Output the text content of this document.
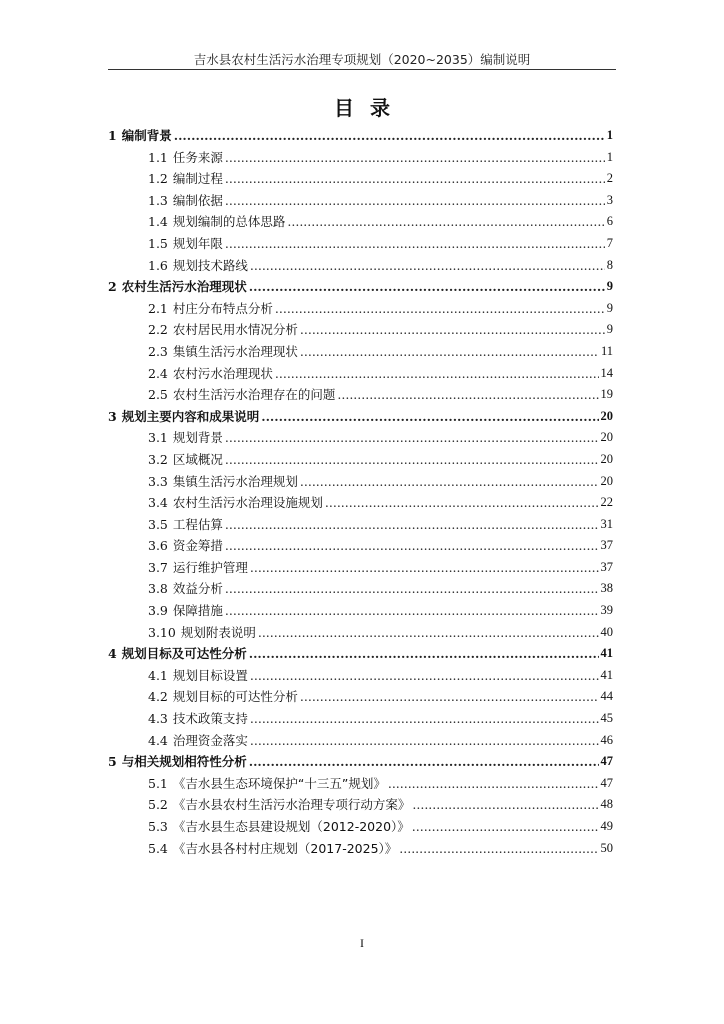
吉水县农村生活污水治理专项规划（2020~2035）编制说明
目录
1 编制背景 .....	1
1.1 任务来源 .....	1
1.2 编制过程 .....	2
1.3 编制依据 .....	3
1.4 规划编制的总体思路 .....	6
1.5 规划年限 .....	7
1.6 规划技术路线 .....	8
2 农村生活污水治理现状 .....	9
2.1 村庄分布特点分析 .....	9
2.2 农村居民用水情况分析 .....	9
2.3 集镇生活污水治理现状 .....	11
2.4 农村污水治理现状 .....	14
2.5 农村生活污水治理存在的问题 .....	19
3 规划主要内容和成果说明 .....	20
3.1 规划背景 .....	20
3.2 区域概况 .....	20
3.3 集镇生活污水治理规划 .....	20
3.4 农村生活污水治理设施规划 .....	22
3.5 工程估算 .....	31
3.6 资金筹措 .....	37
3.7 运行维护管理 .....	37
3.8 效益分析 .....	38
3.9 保障措施 .....	39
3.10 规划附表说明 .....	40
4 规划目标及可达性分析 .....	41
4.1 规划目标设置 .....	41
4.2 规划目标的可达性分析 .....	44
4.3 技术政策支持 .....	45
4.4 治理资金落实 .....	46
5 与相关规划相符性分析 .....	47
5.1 《吉水县生态环境保护“十三五”规划》 .....	47
5.2 《吉水县农村生活污水治理专项行动方案》 .....	48
5.3 《吉水县生态县建设规划（2012-2020）》 .....	49
5.4 《吉水县各村村庄规划（2017-2025）》 .....	50
I
